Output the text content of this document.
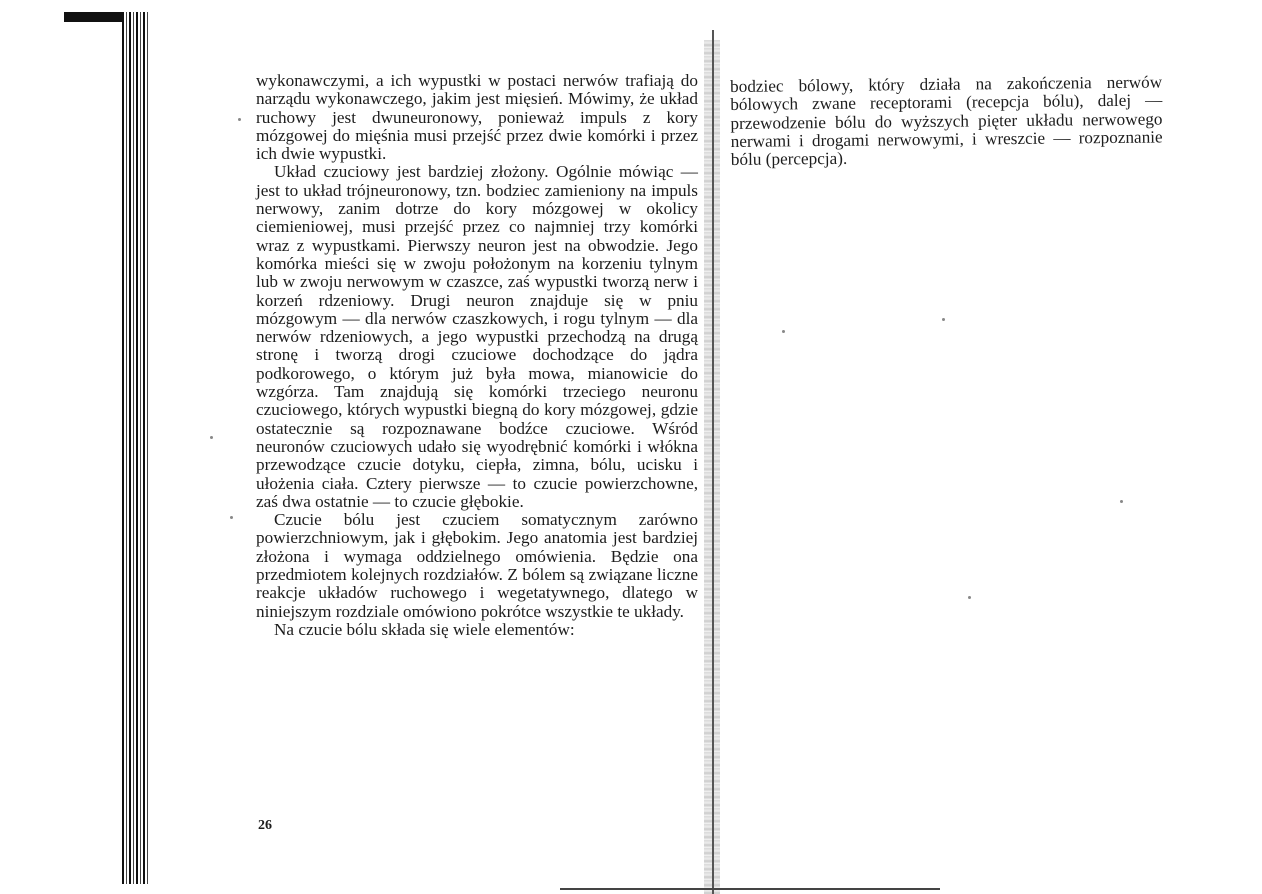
wykonawczymi, a ich wypustki w postaci nerwów trafiają do narządu wykonawczego, jakim jest mięsień. Mówimy, że układ ruchowy jest dwuneuronowy, ponieważ impuls z kory mózgowej do mięśnia musi przejść przez dwie komórki i przez ich dwie wypustki.

Układ czuciowy jest bardziej złożony. Ogólnie mówiąc — jest to układ trójneuronowy, tzn. bodziec zamieniony na impuls nerwowy, zanim dotrze do kory mózgowej w okolicy ciemieniowej, musi przejść przez co najmniej trzy komórki wraz z wypustkami. Pierwszy neuron jest na obwodzie. Jego komórka mieści się w zwoju położonym na korzeniu tylnym lub w zwoju nerwowym w czaszce, zaś wypustki tworzą nerw i korzeń rdzeniowy. Drugi neuron znajduje się w pniu mózgowym — dla nerwów czaszkowych, i rogu tylnym — dla nerwów rdzeniowych, a jego wypustki przechodzą na drugą stronę i tworzą drogi czuciowe dochodzące do jądra podkorowego, o którym już była mowa, mianowicie do wzgórza. Tam znajdują się komórki trzeciego neuronu czuciowego, których wypustki biegną do kory mózgowej, gdzie ostatecznie są rozpoznawane bodźce czuciowe. Wśród neuronów czuciowych udało się wyodrębnić komórki i włókna przewodzące czucie dotyku, ciepła, zimna, bólu, ucisku i ułożenia ciała. Cztery pierwsze — to czucie powierzchowne, zaś dwa ostatnie — to czucie głębokie.

Czucie bólu jest czuciem somatycznym zarówno powierzchniowym, jak i głębokim. Jego anatomia jest bardziej złożona i wymaga oddzielnego omówienia. Będzie ona przedmiotem kolejnych rozdziałów. Z bólem są związane liczne reakcje układów ruchowego i wegetatywnego, dlatego w niniejszym rozdziale omówiono pokrótce wszystkie te układy.

Na czucie bólu składa się wiele elementów:

26

bodziec bólowy, który działa na zakończenia nerwów bólowych zwane receptorami (recepcja bólu), dalej — przewodzenie bólu do wyższych pięter układu nerwowego nerwami i drogami nerwowymi, i wreszcie — rozpoznanie bólu (percepcja).
